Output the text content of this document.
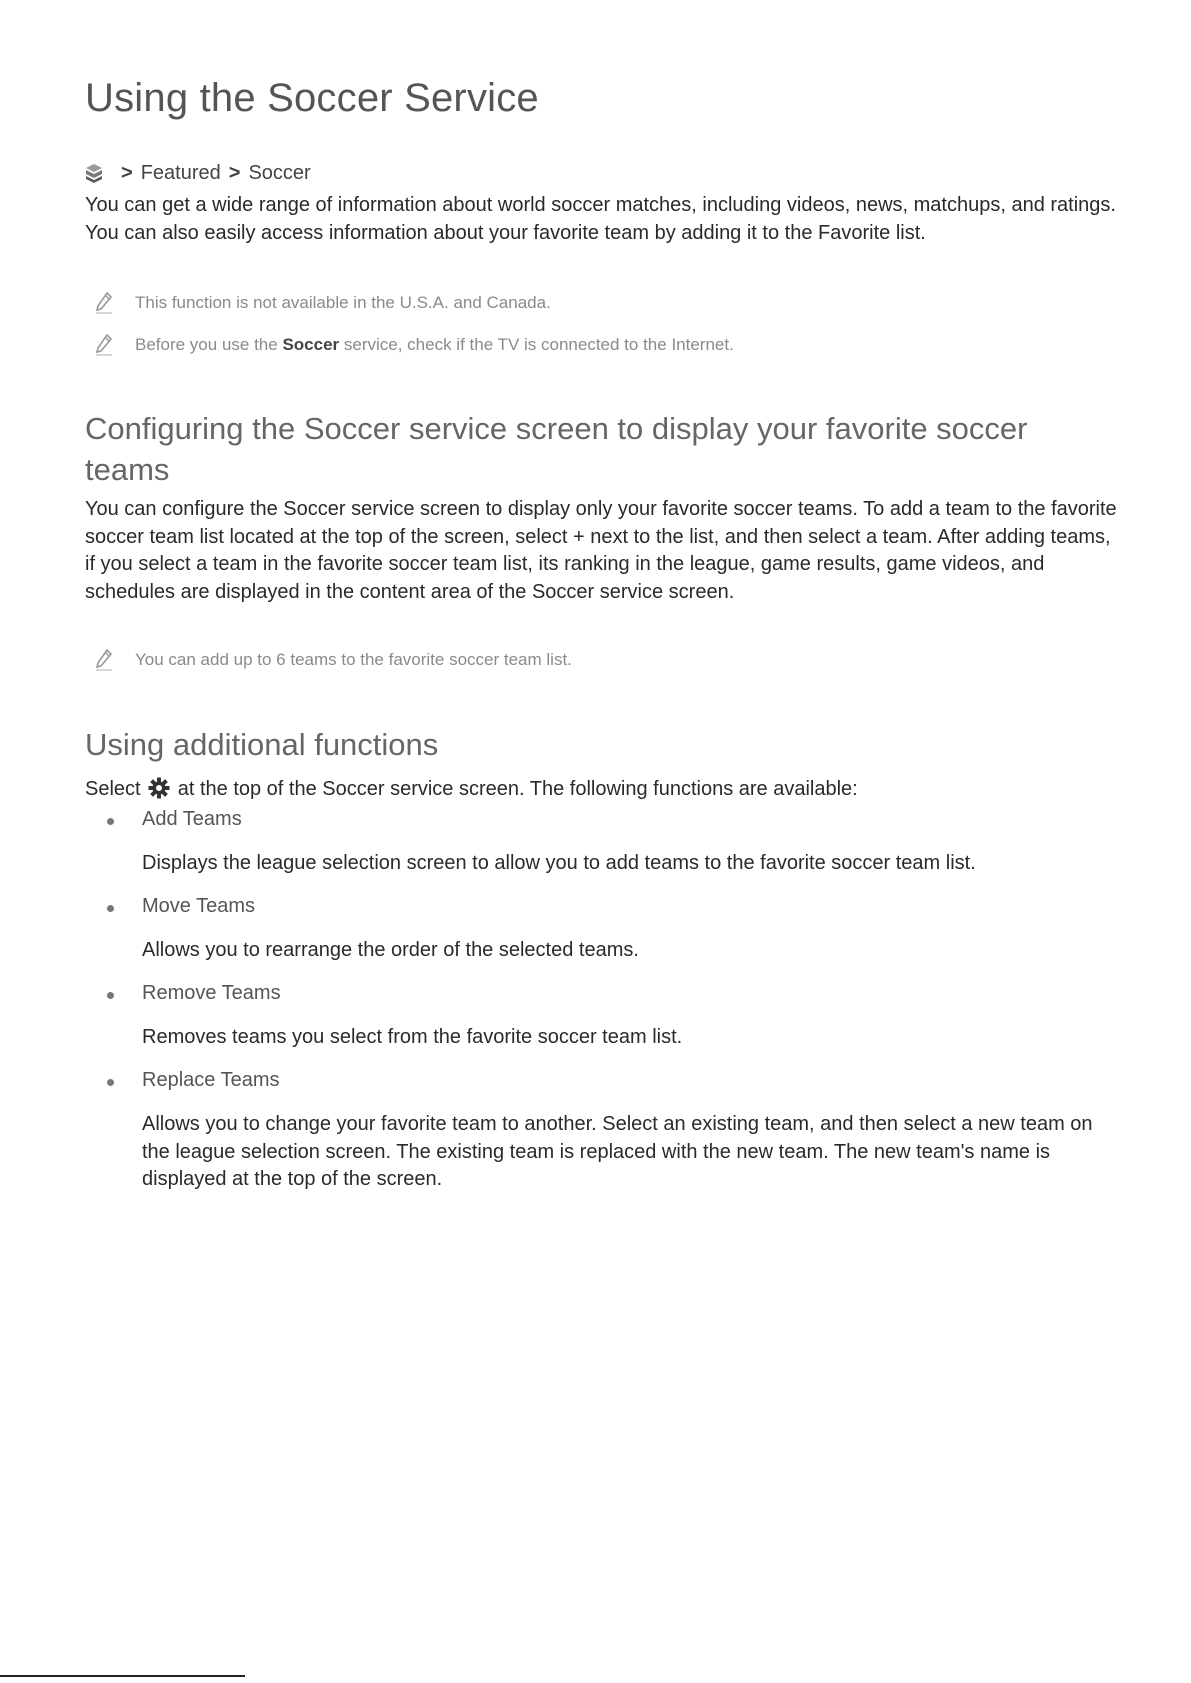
Using the Soccer Service
> Featured > Soccer

You can get a wide range of information about world soccer matches, including videos, news, matchups, and ratings. You can also easily access information about your favorite team by adding it to the Favorite list.

This function is not available in the U.S.A. and Canada.
Before you use the Soccer service, check if the TV is connected to the Internet.
Configuring the Soccer service screen to display your favorite soccer teams

You can configure the Soccer service screen to display only your favorite soccer teams. To add a team to the favorite soccer team list located at the top of the screen, select + next to the list, and then select a team. After adding teams, if you select a team in the favorite soccer team list, its ranking in the league, game results, game videos, and schedules are displayed in the content area of the Soccer service screen.

You can add up to 6 teams to the favorite soccer team list.
Using additional functions

Select at the top of the Soccer service screen. The following functions are available:

Add Teams
Displays the league selection screen to allow you to add teams to the favorite soccer team list.
Move Teams
Allows you to rearrange the order of the selected teams.
Remove Teams
Removes teams you select from the favorite soccer team list.
Replace Teams
Allows you to change your favorite team to another. Select an existing team, and then select a new team on the league selection screen. The existing team is replaced with the new team. The new team's name is displayed at the top of the screen.
